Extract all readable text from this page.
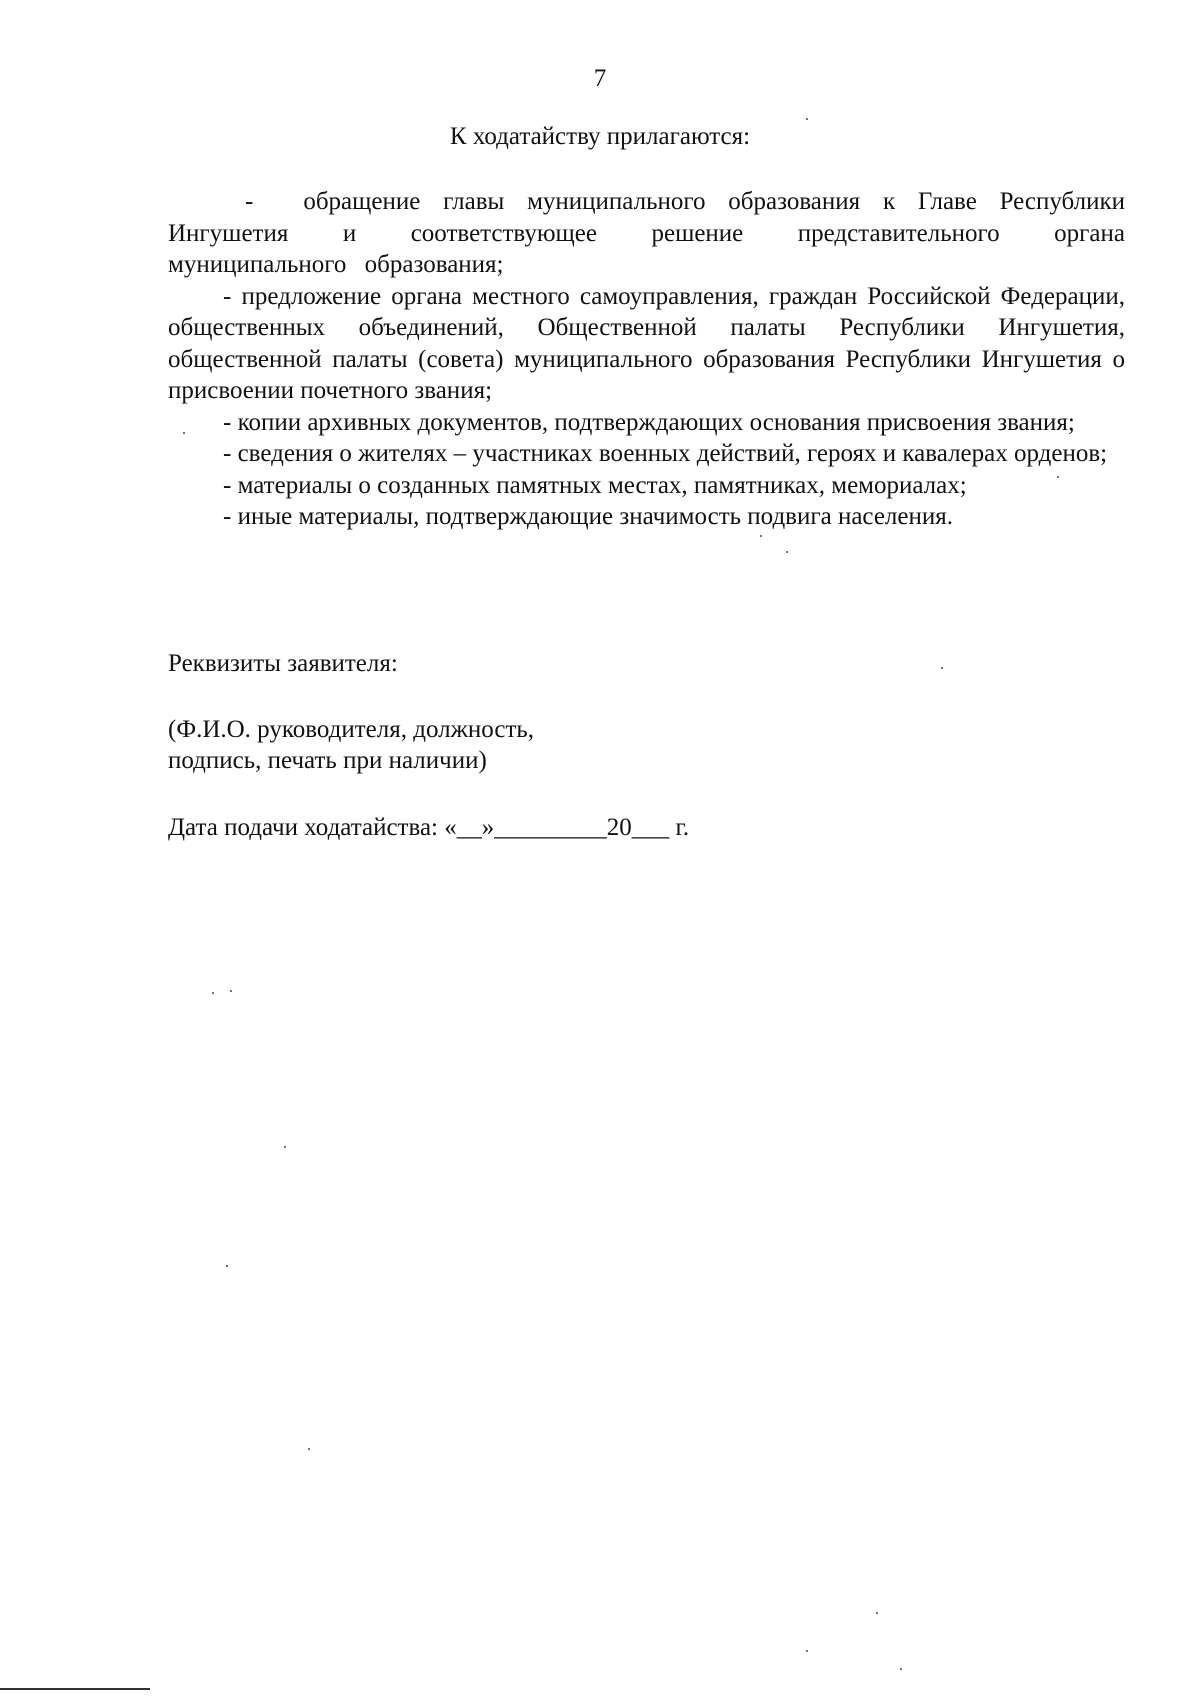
7
К ходатайству прилагаются:
-  обращение главы муниципального образования к Главе Республики Ингушетия и соответствующее решение представительного органа муниципального образования;
- предложение органа местного самоуправления, граждан Российской Федерации, общественных объединений, Общественной палаты Республики Ингушетия, общественной палаты (совета) муниципального образования Республики Ингушетия о присвоении почетного звания;
- копии архивных документов, подтверждающих основания присвоения звания;
- сведения о жителях – участниках военных действий, героях и кавалерах орденов;
- материалы о созданных памятных местах, памятниках, мемориалах;
- иные материалы, подтверждающие значимость подвига населения.
Реквизиты заявителя:
(Ф.И.О. руководителя, должность,
подпись, печать при наличии)
Дата подачи ходатайства: «__»_________20___ г.
